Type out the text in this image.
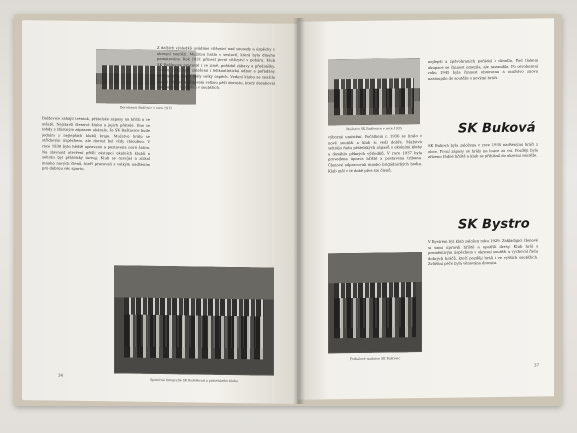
Dorostenci Bašťovic v roce 1915

Bašťovice zahájil trénink, přátelské zápasy na hřišti a ve městě. Nejstarší členové klubu a jejich přátelé. Dne se tehdy s šťastným zápasem ukázalo, že SK Bašťovice bude jedním z nejlepších klubů kraje. Mužstvo hrálo se střídavým úspěchem, ale dorost byl vždy chloubou. V roce 1930 bylo hřiště upraveno a postavena nová šatna. Na slavnost otevření přišli zástupci okolních klubů a sehrán byl přátelský turnaj. Klub se rozvíjel a získal mnoho nových členů, kteří pracovali s velkým nadšením pro dobrou věc sportu.

Z dalších výsledků uvádíme vítězství nad sousedy a úspěchy v okresní soutěži. Mužstvo hrálo v sestavě, která byla dlouho pamatována. Rok 1931 přinesl první vítězství v poháru. Klub SK Bašťovice pracoval i ve zimě, pořádal zábavy a přednášky. V roce 1932 byla založena i lehkoatletická odbor a pořádány byly závody, které měly velký úspěch. Vedení klubu se snažilo získat mládež a věnovalo velkou péči dorostu, který dosahoval vynikajících výsledků v soutěžích.

Společná fotografie SK Buštěhrad a přátelského klubu
34
Mužstvo SK Bašťovice v roce 1935

výborné umístění. Počátkem r. 1936 se hrálo v nové soutěži a klub si vedl dobře. Mužstvo sehrálo řadu přátelských zápasů s okolními kluby a dosáhlo pěkných výsledků. V roce 1937 byla provedena úprava hřiště a postavena tribuna. Členové odpracovali mnoho brigádnických hodin. Klub měl v té době přes sto členů.

Fotbalové mužstvo SK Bašťovic

nejlepší a zpěvohraních pořádal i divadla. Pod tlakem okupace se činnost omezila, ale nezanikla. Po osvobození roku 1945 byla činnost obnovena a mužstvo znovu nastoupilo do soutěže s novými hráči.

SK Buková

SK Buková byla založena v roce 1930 nadšenými hráči z obce. První zápasy se hrály na louce za vsí. Později bylo zřízeno řádné hřiště a klub se přihlásil do okresní soutěže.

SK Bystro

V Bystrém byl klub založen roku 1929. Zakládající členové si sami upravili hřiště a opatřili dresy. Klub hrál s proměnlivým úspěchem v okresní soutěži a vychoval řadu dobrých hráčů, kteří později hráli i ve vyšších soutěžích. Zvláštní péče byla věnována dorostu.

37
